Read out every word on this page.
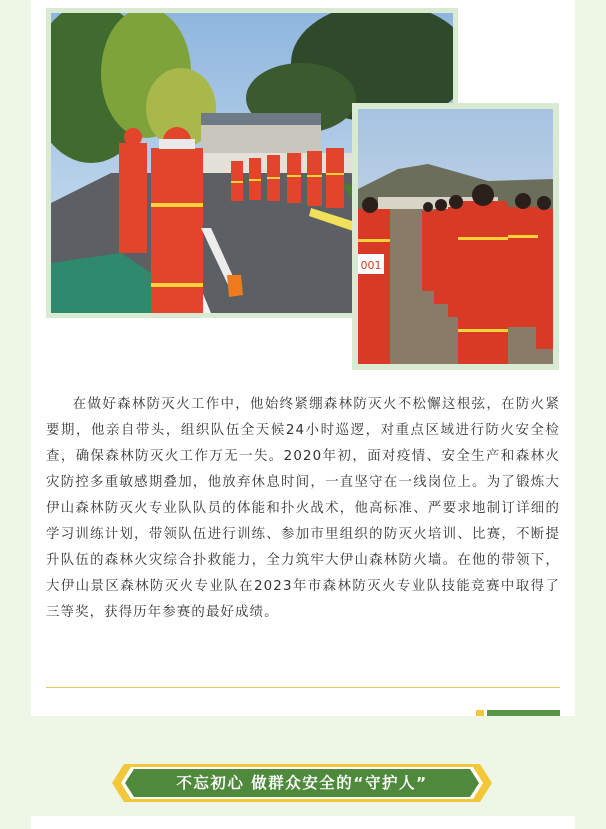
001

在做好森林防灭火工作中，他始终紧绷森林防灭火不松懈这根弦，在防火紧要期，他亲自带头，组织队伍全天候24小时巡逻，对重点区域进行防火安全检查，确保森林防灭火工作万无一失。2020年初，面对疫情、安全生产和森林火灾防控多重敏感期叠加，他放弃休息时间，一直坚守在一线岗位上。为了锻炼大伊山森林防灭火专业队队员的体能和扑火战术，他高标准、严要求地制订详细的学习训练计划，带领队伍进行训练、参加市里组织的防灭火培训、比赛，不断提升队伍的森林火灾综合扑救能力，全力筑牢大伊山森林防火墙。在他的带领下，大伊山景区森林防灭火专业队在2023年市森林防灭火专业队技能竞赛中取得了三等奖，获得历年参赛的最好成绩。

不忘初心 做群众安全的“守护人”
